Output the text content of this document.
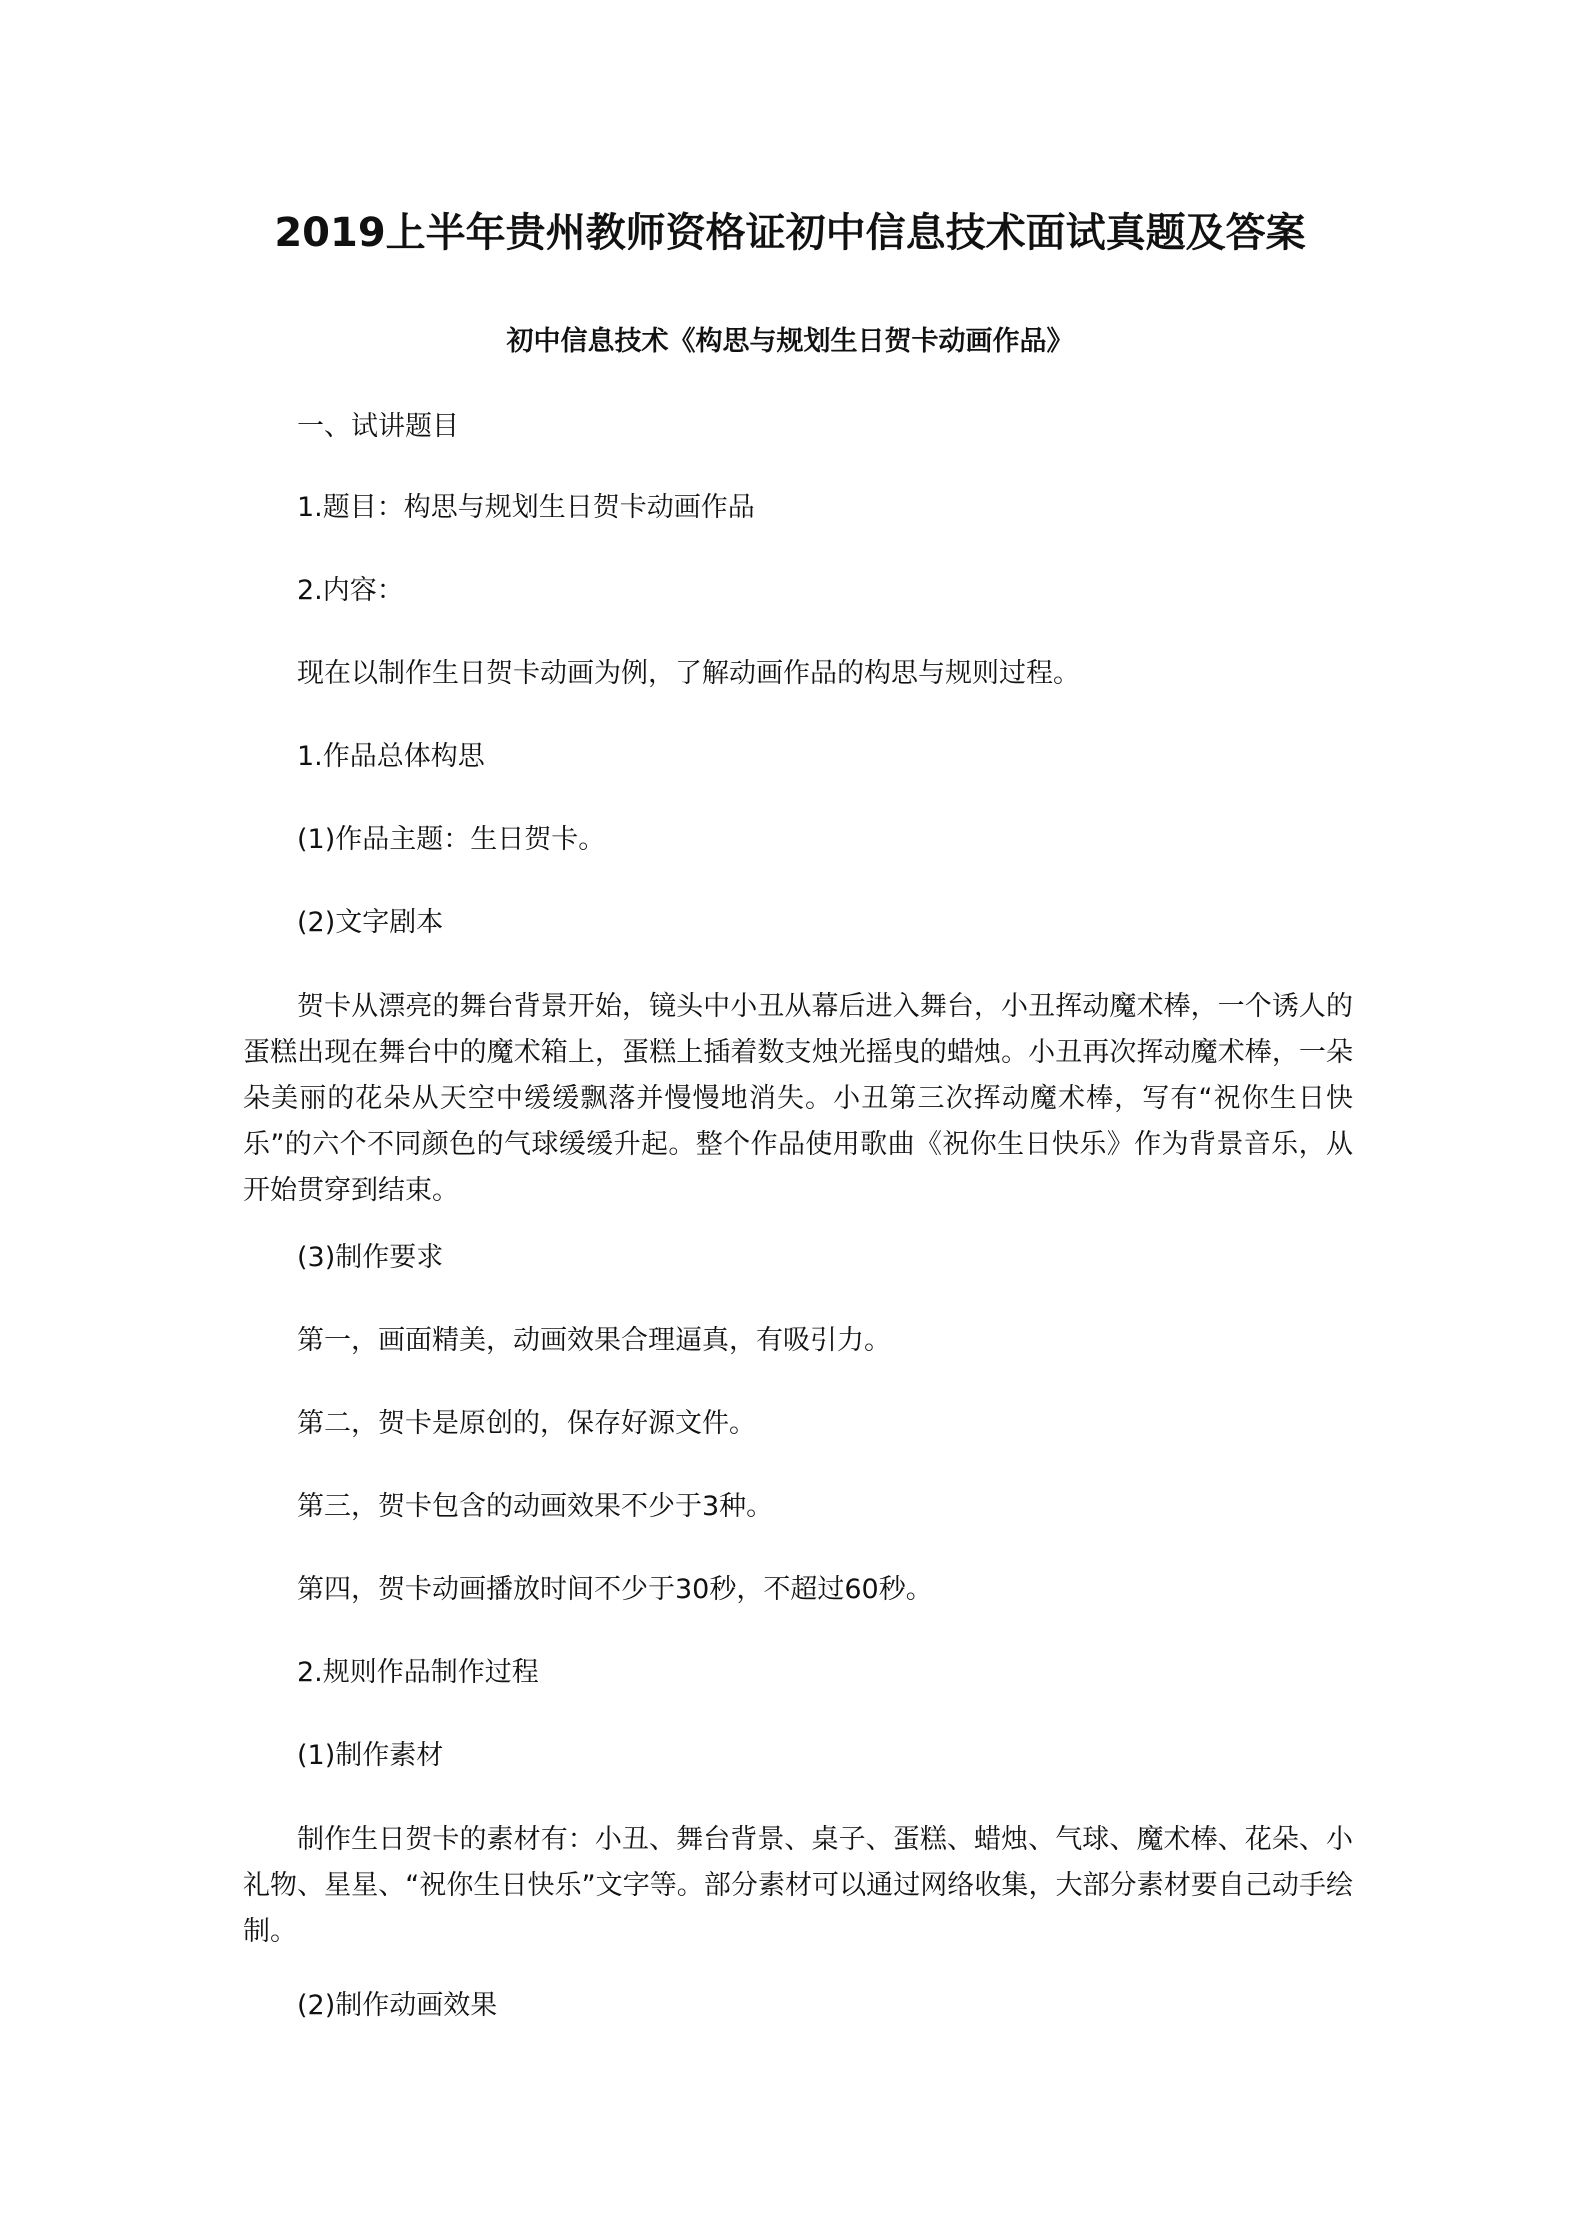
2019上半年贵州教师资格证初中信息技术面试真题及答案
初中信息技术《构思与规划生日贺卡动画作品》
一、试讲题目
1.题目：构思与规划生日贺卡动画作品
2.内容：
现在以制作生日贺卡动画为例，了解动画作品的构思与规则过程。
1.作品总体构思
(1)作品主题：生日贺卡。
(2)文字剧本
贺卡从漂亮的舞台背景开始，镜头中小丑从幕后进入舞台，小丑挥动魔术棒，一个诱人的蛋糕出现在舞台中的魔术箱上，蛋糕上插着数支烛光摇曳的蜡烛。小丑再次挥动魔术棒，一朵朵美丽的花朵从天空中缓缓飘落并慢慢地消失。小丑第三次挥动魔术棒，写有“祝你生日快乐”的六个不同颜色的气球缓缓升起。整个作品使用歌曲《祝你生日快乐》作为背景音乐，从开始贯穿到结束。
(3)制作要求
第一，画面精美，动画效果合理逼真，有吸引力。
第二，贺卡是原创的，保存好源文件。
第三，贺卡包含的动画效果不少于3种。
第四，贺卡动画播放时间不少于30秒，不超过60秒。
2.规则作品制作过程
(1)制作素材
制作生日贺卡的素材有：小丑、舞台背景、桌子、蛋糕、蜡烛、气球、魔术棒、花朵、小礼物、星星、“祝你生日快乐”文字等。部分素材可以通过网络收集，大部分素材要自己动手绘制。
(2)制作动画效果
